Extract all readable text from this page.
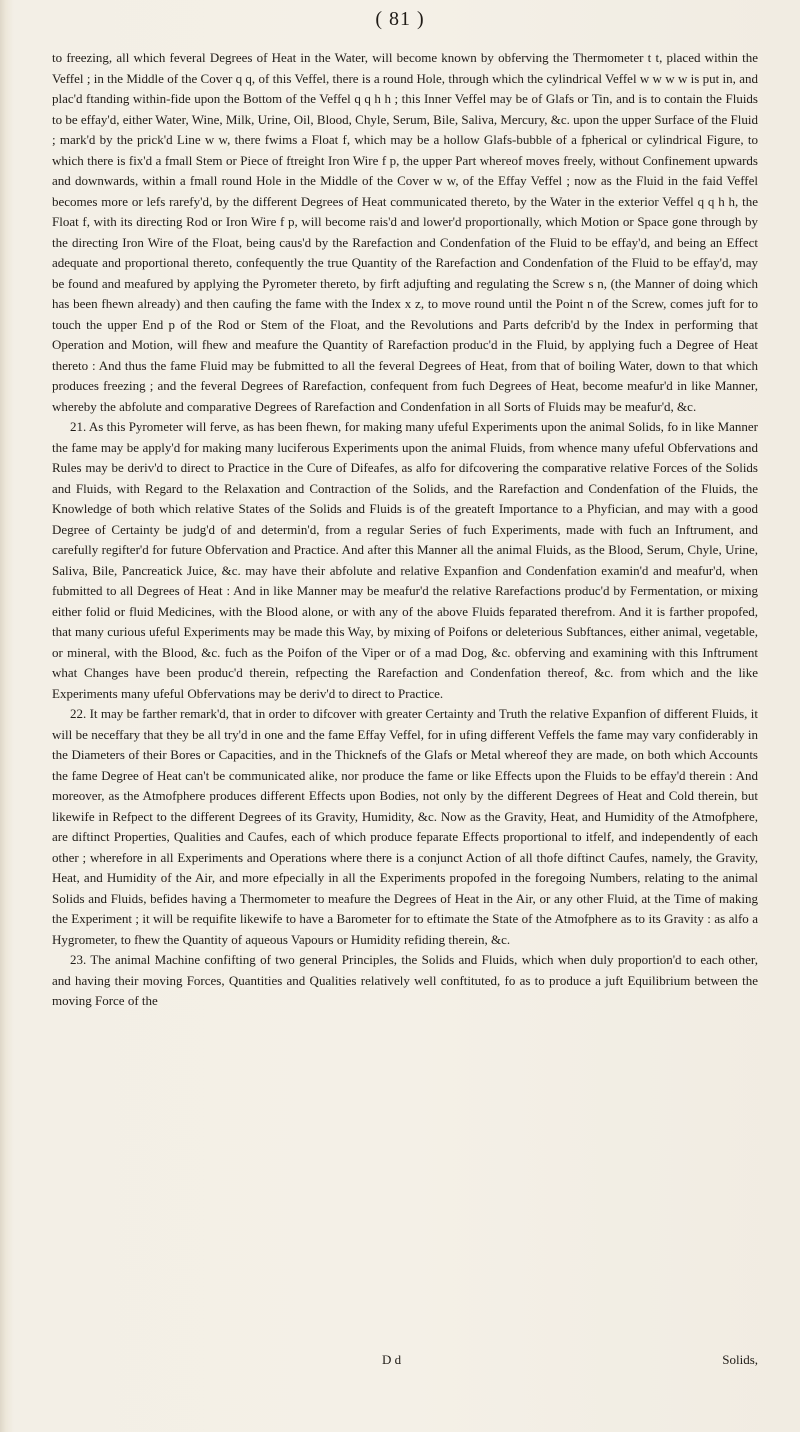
( 81 )

to freezing, all which feveral Degrees of Heat in the Water, will become known by obferving the Thermometer t t, placed within the Veffel ; in the Middle of the Cover q q, of this Veffel, there is a round Hole, through which the cylindrical Veffel w w w w is put in, and plac'd ftanding within-fide upon the Bottom of the Veffel q q h h ; this Inner Veffel may be of Glafs or Tin, and is to contain the Fluids to be effay'd, either Water, Wine, Milk, Urine, Oil, Blood, Chyle, Serum, Bile, Saliva, Mercury, &c. upon the upper Surface of the Fluid ; mark'd by the prick'd Line w w, there fwims a Float f, which may be a hollow Glafs-bubble of a fpherical or cylindrical Figure, to which there is fix'd a fmall Stem or Piece of ftreight Iron Wire f p, the upper Part whereof moves freely, without Confinement upwards and downwards, within a fmall round Hole in the Middle of the Cover w w, of the Effay Veffel ; now as the Fluid in the faid Veffel becomes more or lefs rarefy'd, by the different Degrees of Heat communicated thereto, by the Water in the exterior Veffel q q h h, the Float f, with its directing Rod or Iron Wire f p, will become rais'd and lower'd proportionally, which Motion or Space gone through by the directing Iron Wire of the Float, being caus'd by the Rarefaction and Condenfation of the Fluid to be effay'd, and being an Effect adequate and proportional thereto, confequently the true Quantity of the Rarefaction and Condenfation of the Fluid to be effay'd, may be found and meafured by applying the Pyrometer thereto, by firft adjufting and regulating the Screw s n, (the Manner of doing which has been fhewn already) and then caufing the fame with the Index x z, to move round until the Point n of the Screw, comes juft for to touch the upper End p of the Rod or Stem of the Float, and the Revolutions and Parts defcrib'd by the Index in performing that Operation and Motion, will fhew and meafure the Quantity of Rarefaction produc'd in the Fluid, by applying fuch a Degree of Heat thereto : And thus the fame Fluid may be fubmitted to all the feveral Degrees of Heat, from that of boiling Water, down to that which produces freezing ; and the feveral Degrees of Rarefaction, confequent from fuch Degrees of Heat, become meafur'd in like Manner, whereby the abfolute and comparative Degrees of Rarefaction and Condenfation in all Sorts of Fluids may be meafur'd, &c.

21. As this Pyrometer will ferve, as has been fhewn, for making many ufeful Experiments upon the animal Solids, fo in like Manner the fame may be apply'd for making many luciferous Experiments upon the animal Fluids, from whence many ufeful Obfervations and Rules may be deriv'd to direct to Practice in the Cure of Difeafes, as alfo for difcovering the comparative relative Forces of the Solids and Fluids, with Regard to the Relaxation and Contraction of the Solids, and the Rarefaction and Condenfation of the Fluids, the Knowledge of both which relative States of the Solids and Fluids is of the greateft Importance to a Phyfician, and may with a good Degree of Certainty be judg'd of and determin'd, from a regular Series of fuch Experiments, made with fuch an Inftrument, and carefully regifter'd for future Obfervation and Practice. And after this Manner all the animal Fluids, as the Blood, Serum, Chyle, Urine, Saliva, Bile, Pancreatick Juice, &c. may have their abfolute and relative Expanfion and Condenfation examin'd and meafur'd, when fubmitted to all Degrees of Heat : And in like Manner may be meafur'd the relative Rarefactions produc'd by Fermentation, or mixing either folid or fluid Medicines, with the Blood alone, or with any of the above Fluids feparated therefrom. And it is farther propofed, that many curious ufeful Experiments may be made this Way, by mixing of Poifons or deleterious Subftances, either animal, vegetable, or mineral, with the Blood, &c. fuch as the Poifon of the Viper or of a mad Dog, &c. obferving and examining with this Inftrument what Changes have been produc'd therein, refpecting the Rarefaction and Condenfation thereof, &c. from which and the like Experiments many ufeful Obfervations may be deriv'd to direct to Practice.

22. It may be farther remark'd, that in order to difcover with greater Certainty and Truth the relative Expanfion of different Fluids, it will be neceffary that they be all try'd in one and the fame Effay Veffel, for in ufing different Veffels the fame may vary confiderably in the Diameters of their Bores or Capacities, and in the Thicknefs of the Glafs or Metal whereof they are made, on both which Accounts the fame Degree of Heat can't be communicated alike, nor produce the fame or like Effects upon the Fluids to be effay'd therein : And moreover, as the Atmofphere produces different Effects upon Bodies, not only by the different Degrees of Heat and Cold therein, but likewife in Refpect to the different Degrees of its Gravity, Humidity, &c. Now as the Gravity, Heat, and Humidity of the Atmofphere, are diftinct Properties, Qualities and Caufes, each of which produce feparate Effects proportional to itfelf, and independently of each other ; wherefore in all Experiments and Operations where there is a conjunct Action of all thofe diftinct Caufes, namely, the Gravity, Heat, and Humidity of the Air, and more efpecially in all the Experiments propofed in the foregoing Numbers, relating to the animal Solids and Fluids, befides having a Thermometer to meafure the Degrees of Heat in the Air, or any other Fluid, at the Time of making the Experiment ; it will be requifite likewife to have a Barometer for to eftimate the State of the Atmofphere as to its Gravity : as alfo a Hygrometer, to fhew the Quantity of aqueous Vapours or Humidity refiding therein, &c.

23. The animal Machine confifting of two general Principles, the Solids and Fluids, which when duly proportion'd to each other, and having their moving Forces, Quantities and Qualities relatively well conftituted, fo as to produce a juft Equilibrium between the moving Force of the

D d	Solids,
